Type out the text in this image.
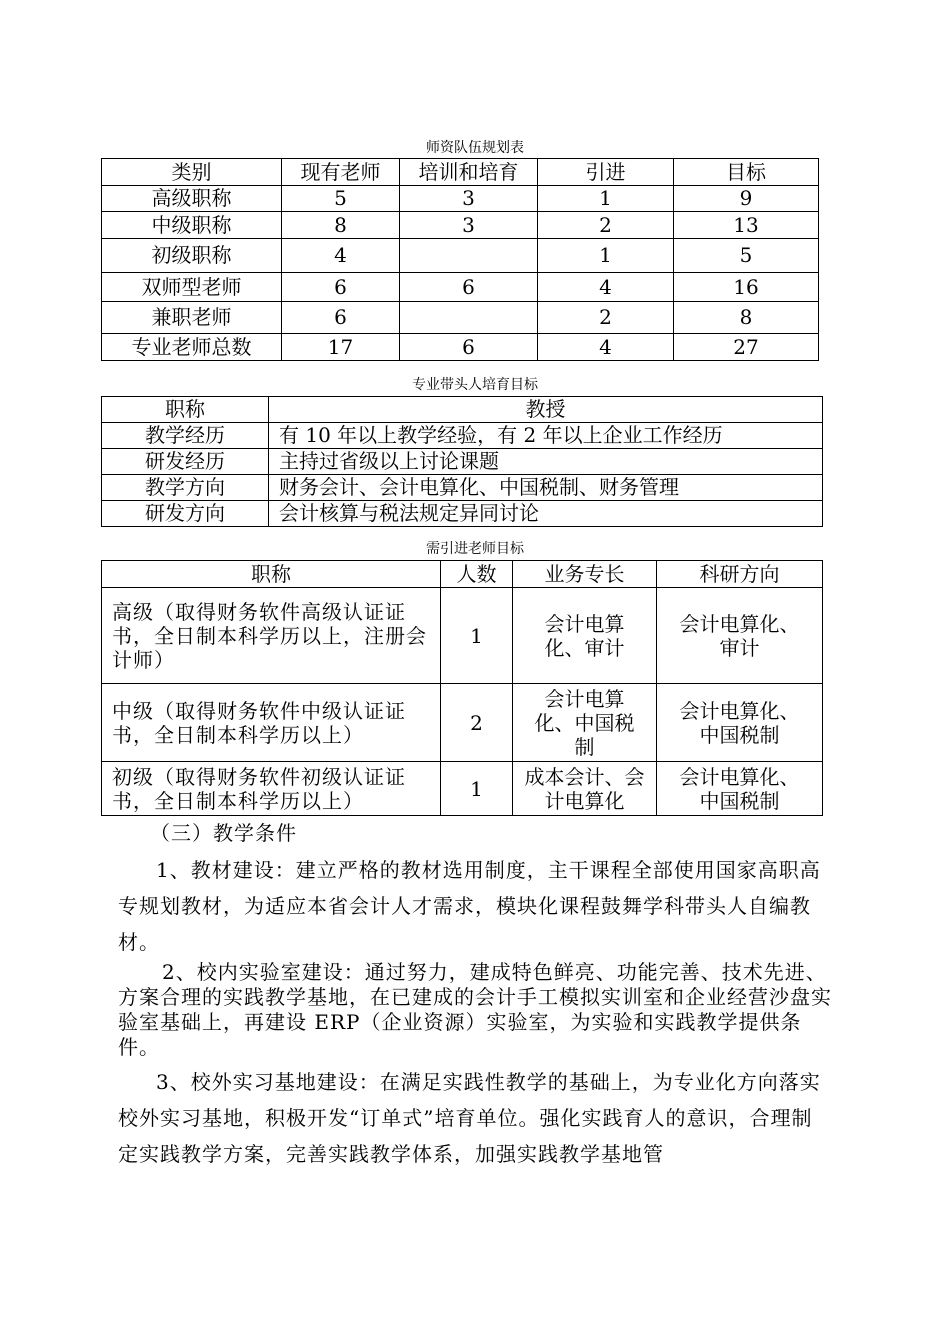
师资队伍规划表
类别	现有老师	培训和培育	引进	目标
高级职称	5	3	1	9
中级职称	8	3	2	13
初级职称	4		1	5
双师型老师	6	6	4	16
兼职老师	6		2	8
专业老师总数	17	6	4	27
专业带头人培育目标
职称	教授
教学经历	有 10 年以上教学经验，有 2 年以上企业工作经历
研发经历	主持过省级以上讨论课题
教学方向	财务会计、会计电算化、中国税制、财务管理
研发方向	会计核算与税法规定异同讨论
需引进老师目标
职称	人数	业务专长	科研方向
高级（取得财务软件高级认证证书，全日制本科学历以上，注册会计师）	1	会计电算化、审计	会计电算化、审计
中级（取得财务软件中级认证证书，全日制本科学历以上）	2	会计电算化、中国税制	会计电算化、中国税制
初级（取得财务软件初级认证证书，全日制本科学历以上）	1	成本会计、会计电算化	会计电算化、中国税制
（三）教学条件
1、教材建设：建立严格的教材选用制度，主干课程全部使用国家高职高专规划教材，为适应本省会计人才需求，模块化课程鼓舞学科带头人自编教材。
2、校内实验室建设：通过努力，建成特色鲜亮、功能完善、技术先进、方案合理的实践教学基地，在已建成的会计手工模拟实训室和企业经营沙盘实验室基础上，再建设 ERP（企业资源）实验室，为实验和实践教学提供条件。
3、校外实习基地建设：在满足实践性教学的基础上，为专业化方向落实校外实习基地，积极开发“订单式”培育单位。强化实践育人的意识，合理制定实践教学方案，完善实践教学体系，加强实践教学基地管
